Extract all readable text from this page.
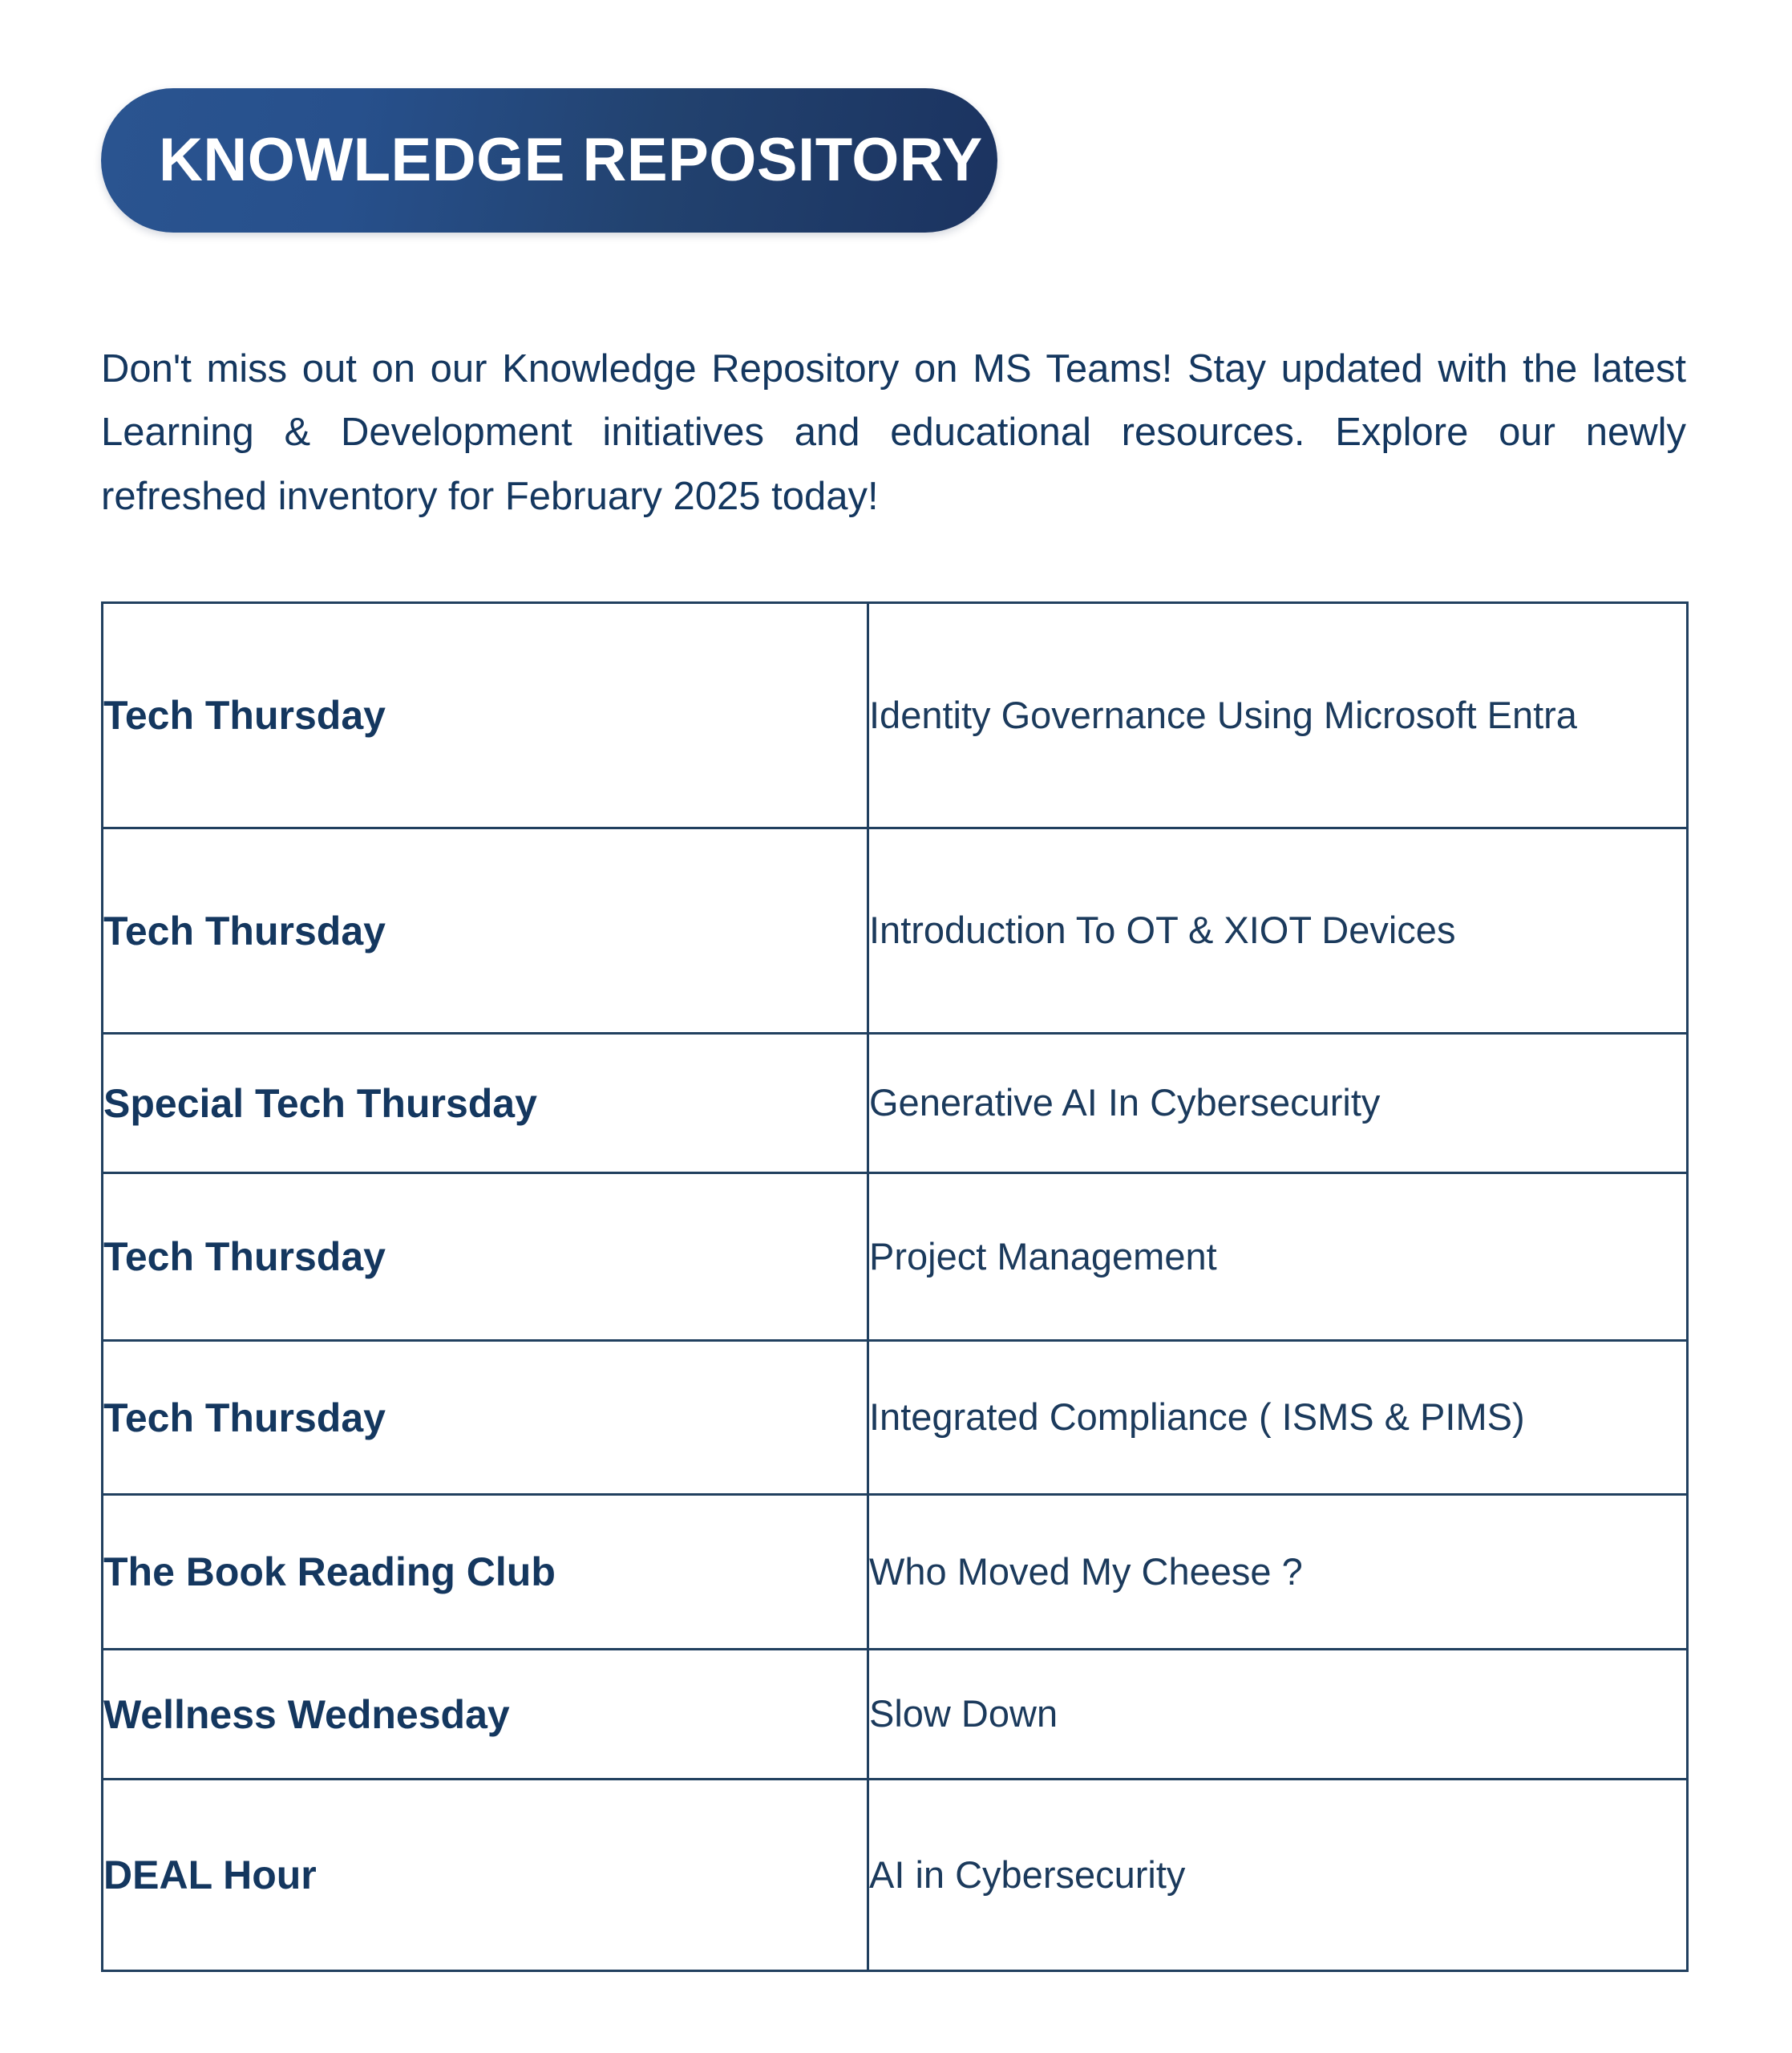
KNOWLEDGE REPOSITORY

Don't miss out on our Knowledge Repository on MS Teams! Stay updated with the latest Learning & Development initiatives and educational resources. Explore our newly refreshed inventory for February 2025 today!

Tech Thursday	Identity Governance Using Microsoft Entra
Tech Thursday	Introduction To OT & XIOT Devices
Special Tech Thursday	Generative AI In Cybersecurity
Tech Thursday	Project Management
Tech Thursday	Integrated Compliance ( ISMS & PIMS)
The Book Reading Club	Who Moved My Cheese ?
Wellness Wednesday	Slow Down
DEAL Hour	AI in Cybersecurity
